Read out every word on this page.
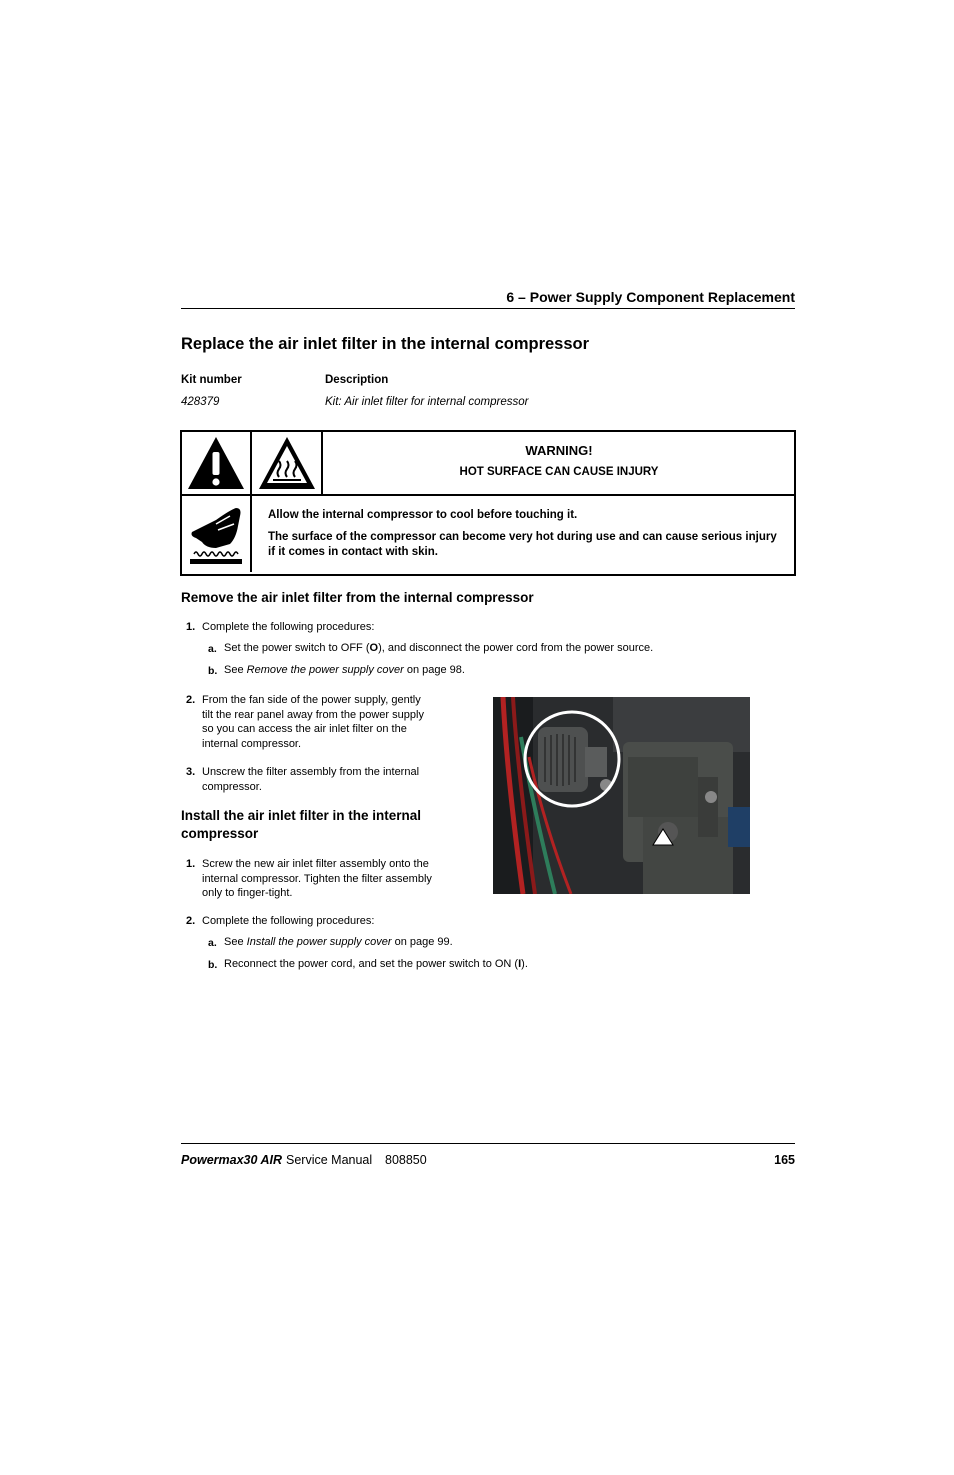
6 – Power Supply Component Replacement
Replace the air inlet filter in the internal compressor
Kit number	Description
428379	Kit: Air inlet filter for internal compressor
WARNING!
HOT SURFACE CAN CAUSE INJURY
Allow the internal compressor to cool before touching it.
The surface of the compressor can become very hot during use and can cause serious injury if it comes in contact with skin.
Remove the air inlet filter from the internal compressor
1. Complete the following procedures:
a. Set the power switch to OFF (O), and disconnect the power cord from the power source.
b. See Remove the power supply cover on page 98.
2. From the fan side of the power supply, gently
tilt the rear panel away from the power supply
so you can access the air inlet filter on the
internal compressor.
3. Unscrew the filter assembly from the internal
compressor.
Install the air inlet filter in the internal
compressor
1. Screw the new air inlet filter assembly onto the
internal compressor. Tighten the filter assembly
only to finger-tight.
2. Complete the following procedures:
a. See Install the power supply cover on page 99.
b. Reconnect the power cord, and set the power switch to ON (I).
Powermax30 AIR Service Manual 808850	165
